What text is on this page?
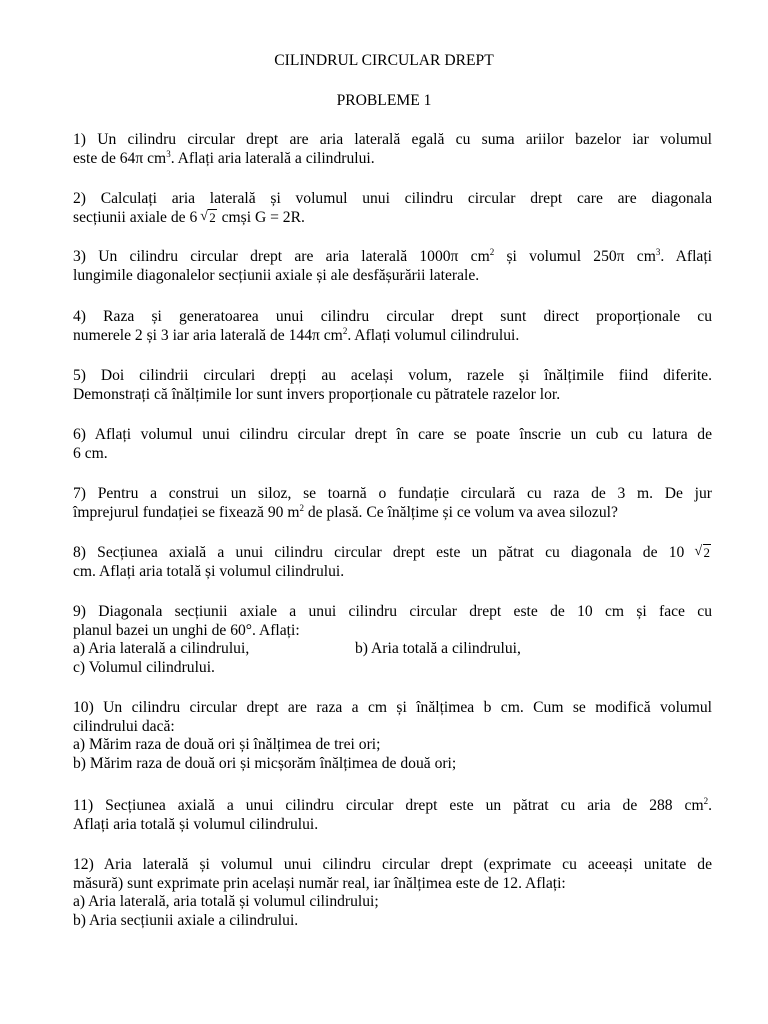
CILINDRUL CIRCULAR DREPT
PROBLEME 1

1) Un cilindru circular drept are aria laterală egală cu suma ariilor bazelor iar volumul

este de 64π $cm^3$. Aflați aria laterală a cilindrului.

2) Calculați aria laterală și volumul unui cilindru circular drept care are diagonala

secțiunii axiale de 6 √ 2 cmși G = 2R.

3) Un cilindru circular drept are aria laterală 1000π $cm^2$ și volumul 250π $cm^3$. Aflați

lungimile diagonalelor secțiunii axiale și ale desfășurării laterale.

4) Raza și generatoarea unui cilindru circular drept sunt direct proporționale cu

numerele 2 și 3 iar aria laterală de 144π $cm^2$. Aflați volumul cilindrului.

5) Doi cilindrii circulari drepți au același volum, razele și înălțimile fiind diferite.

Demonstrați că înălțimile lor sunt invers proporționale cu pătratele razelor lor.

6) Aflați volumul unui cilindru circular drept în care se poate înscrie un cub cu latura de

6 cm.

7) Pentru a construi un siloz, se toarnă o fundație circulară cu raza de 3 m. De jur

împrejurul fundației se fixează 90 $m^2$ de plasă. Ce înălțime și ce volum va avea silozul?

8) Secțiunea axială a unui cilindru circular drept este un pătrat cu diagonala de 10 √ 2

cm. Aflați aria totală și volumul cilindrului.

9) Diagonala secțiunii axiale a unui cilindru circular drept este de 10 cm și face cu

planul bazei un unghi de 60°. Aflați:

a) Aria laterală a cilindrului,	b) Aria totală a cilindrului,

c) Volumul cilindrului.

10) Un cilindru circular drept are raza a cm și înălțimea b cm. Cum se modifică volumul

cilindrului dacă:

a) Mărim raza de două ori și înălțimea de trei ori;

b) Mărim raza de două ori și micșorăm înălțimea de două ori;

11) Secțiunea axială a unui cilindru circular drept este un pătrat cu aria de 288 $cm^2$.

Aflați aria totală și volumul cilindrului.

12) Aria laterală și volumul unui cilindru circular drept (exprimate cu aceeași unitate de

măsură) sunt exprimate prin același număr real, iar înălțimea este de 12. Aflați:

a) Aria laterală, aria totală și volumul cilindrului;

b) Aria secțiunii axiale a cilindrului.
